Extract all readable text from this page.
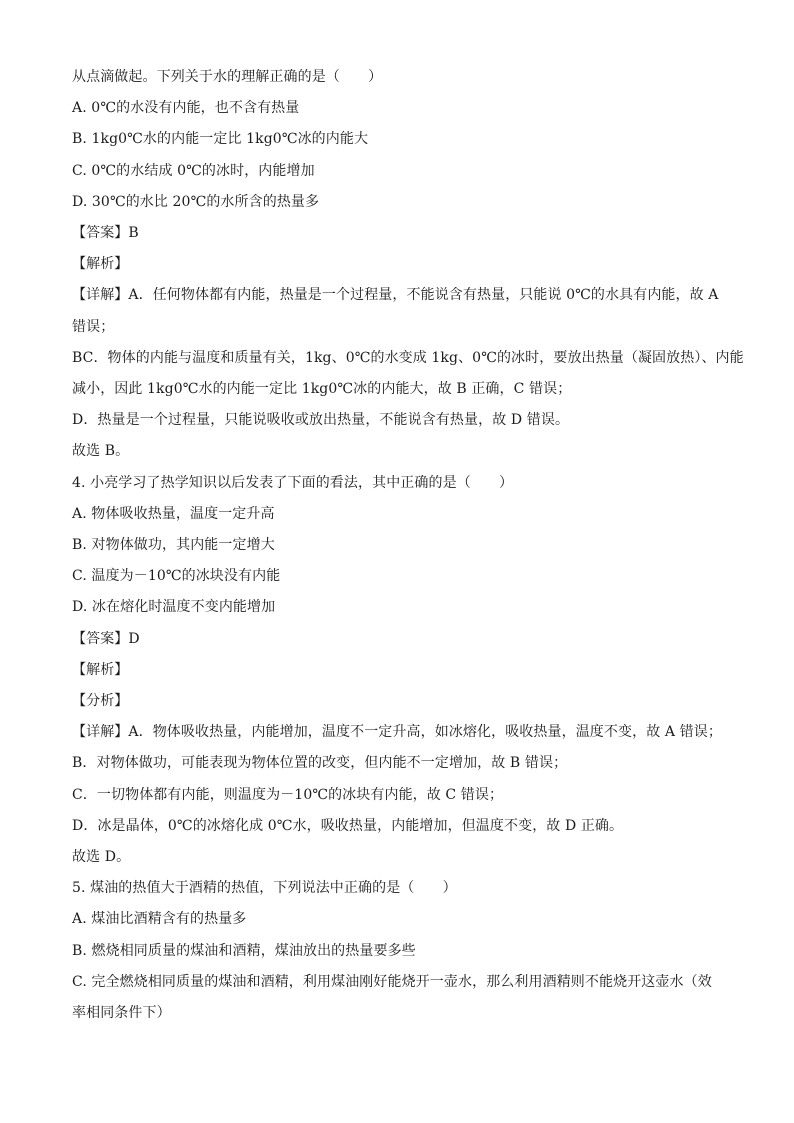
从点滴做起。下列关于水的理解正确的是（　　）
A. 0℃的水没有内能，也不含有热量
B. 1kg0℃水的内能一定比 1kg0℃冰的内能大
C. 0℃的水结成 0℃的冰时，内能增加
D. 30℃的水比 20℃的水所含的热量多
【答案】B
【解析】
【详解】A．任何物体都有内能，热量是一个过程量，不能说含有热量，只能说 0℃的水具有内能，故 A
错误；
BC．物体的内能与温度和质量有关，1kg、0℃的水变成 1kg、0℃的冰时，要放出热量（凝固放热）、内能
减小，因此 1kg0℃水的内能一定比 1kg0℃冰的内能大，故 B 正确，C 错误；
D．热量是一个过程量，只能说吸收或放出热量，不能说含有热量，故 D 错误。
故选 B。
4. 小亮学习了热学知识以后发表了下面的看法，其中正确的是（　　）
A. 物体吸收热量，温度一定升高
B. 对物体做功，其内能一定增大
C. 温度为－10℃的冰块没有内能
D. 冰在熔化时温度不变内能增加
【答案】D
【解析】
【分析】
【详解】A．物体吸收热量，内能增加，温度不一定升高，如冰熔化，吸收热量，温度不变，故 A 错误；
B．对物体做功，可能表现为物体位置的改变，但内能不一定增加，故 B 错误；
C．一切物体都有内能，则温度为－10℃的冰块有内能，故 C 错误；
D．冰是晶体，0℃的冰熔化成 0℃水，吸收热量，内能增加，但温度不变，故 D 正确。
故选 D。
5. 煤油的热值大于酒精的热值，下列说法中正确的是（　　）
A. 煤油比酒精含有的热量多
B. 燃烧相同质量的煤油和酒精，煤油放出的热量要多些
C. 完全燃烧相同质量的煤油和酒精，利用煤油刚好能烧开一壶水，那么利用酒精则不能烧开这壶水（效
率相同条件下）
